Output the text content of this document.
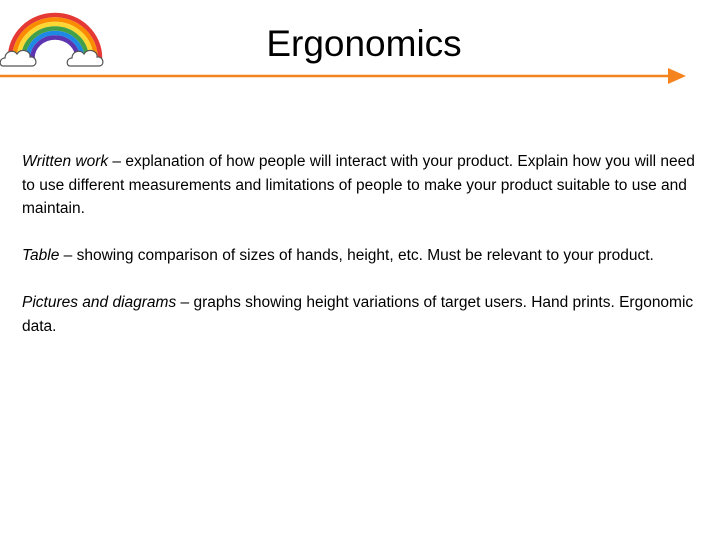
Ergonomics

Written work – explanation of how people will interact with your product. Explain how you will need to use different measurements and limitations of people to make your product suitable to use and maintain.

Table – showing comparison of sizes of hands, height, etc. Must be relevant to your product.

Pictures and diagrams – graphs showing height variations of target users. Hand prints. Ergonomic data.
